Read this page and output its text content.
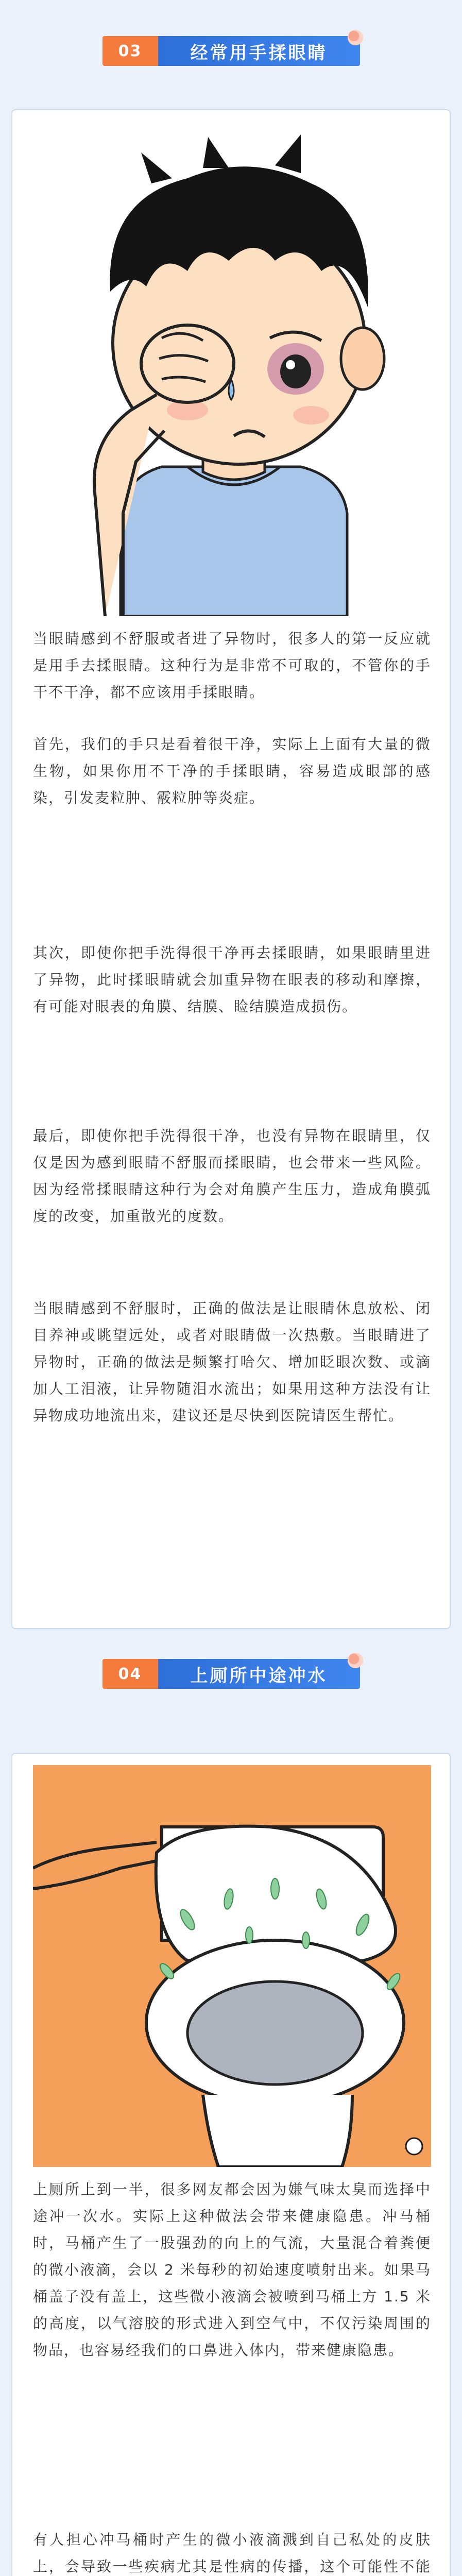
03	经常用手揉眼睛
当眼睛感到不舒服或者进了异物时，很多人的第一反应就是用手去揉眼睛。这种行为是非常不可取的，不管你的手干不干净，都不应该用手揉眼睛。
首先，我们的手只是看着很干净，实际上上面有大量的微生物，如果你用不干净的手揉眼睛，容易造成眼部的感染，引发麦粒肿、霰粒肿等炎症。
其次，即使你把手洗得很干净再去揉眼睛，如果眼睛里进了异物，此时揉眼睛就会加重异物在眼表的移动和摩擦，有可能对眼表的角膜、结膜、睑结膜造成损伤。
最后，即使你把手洗得很干净，也没有异物在眼睛里，仅仅是因为感到眼睛不舒服而揉眼睛，也会带来一些风险。因为经常揉眼睛这种行为会对角膜产生压力，造成角膜弧度的改变，加重散光的度数。
当眼睛感到不舒服时，正确的做法是让眼睛休息放松、闭目养神或眺望远处，或者对眼睛做一次热敷。当眼睛进了异物时，正确的做法是频繁打哈欠、增加眨眼次数、或滴加人工泪液，让异物随泪水流出；如果用这种方法没有让异物成功地流出来，建议还是尽快到医院请医生帮忙。
04	上厕所中途冲水
上厕所上到一半，很多网友都会因为嫌气味太臭而选择中途冲一次水。实际上这种做法会带来健康隐患。冲马桶时，马桶产生了一股强劲的向上的气流，大量混合着粪便的微小液滴，会以 2 米每秒的初始速度喷射出来。如果马桶盖子没有盖上，这些微小液滴会被喷到马桶上方 1.5 米的高度，以气溶胶的形式进入到空气中，不仅污染周围的物品，也容易经我们的口鼻进入体内，带来健康隐患。
有人担心冲马桶时产生的微小液滴溅到自己私处的皮肤上，会导致一些疾病尤其是性病的传播，这个可能性不能
